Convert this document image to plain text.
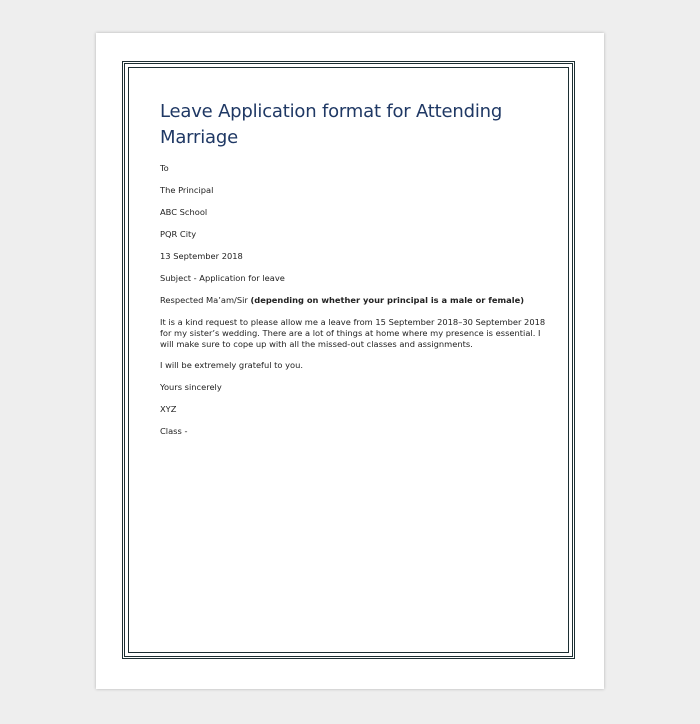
Leave Application format for Attending Marriage

To

The Principal

ABC School

PQR City

13 September 2018

Subject - Application for leave

Respected Ma’am/Sir (depending on whether your principal is a male or female)

It is a kind request to please allow me a leave from 15 September 2018–30 September 2018 for my sister’s wedding. There are a lot of things at home where my presence is essential. I will make sure to cope up with all the missed-out classes and assignments.

I will be extremely grateful to you.

Yours sincerely

XYZ

Class -
